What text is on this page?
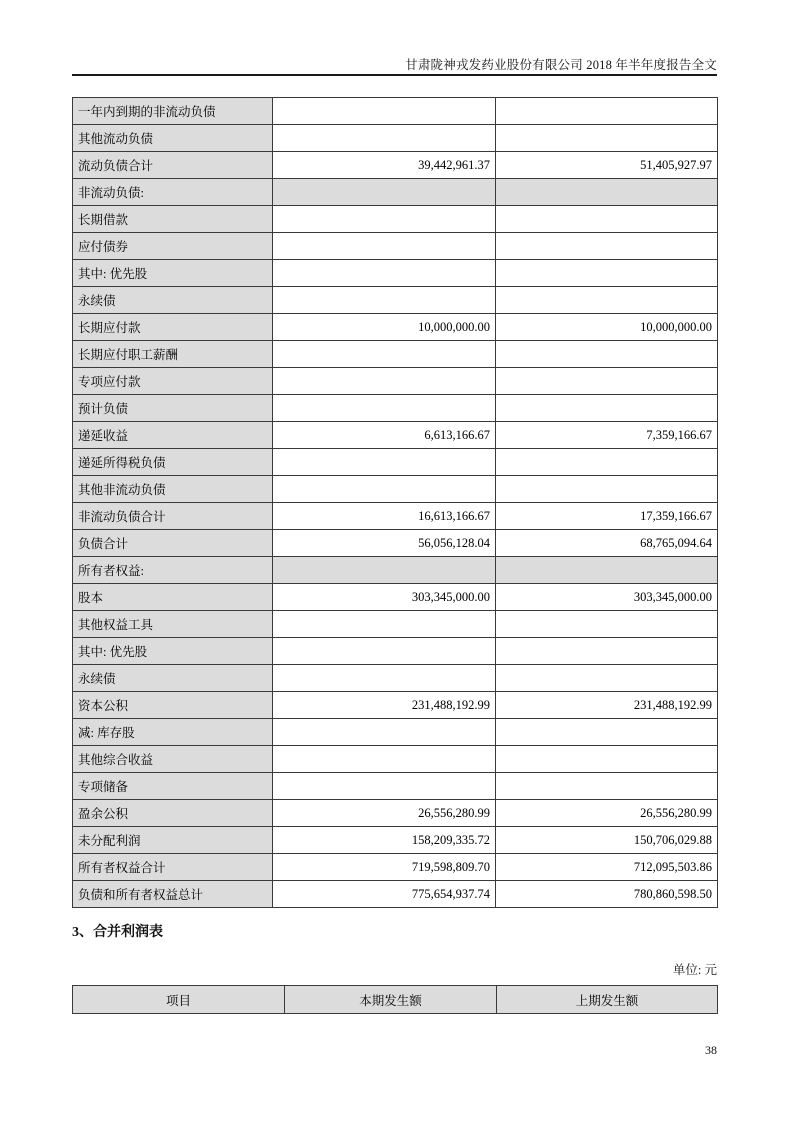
甘肃陇神戎发药业股份有限公司 2018 年半年度报告全文
一年内到期的非流动负债		
其他流动负债		
流动负债合计	39,442,961.37	51,405,927.97
非流动负债:		
长期借款		
应付债券		
其中: 优先股		
永续债		
长期应付款	10,000,000.00	10,000,000.00
长期应付职工薪酬		
专项应付款		
预计负债		
递延收益	6,613,166.67	7,359,166.67
递延所得税负债		
其他非流动负债		
非流动负债合计	16,613,166.67	17,359,166.67
负债合计	56,056,128.04	68,765,094.64
所有者权益:		
股本	303,345,000.00	303,345,000.00
其他权益工具		
其中: 优先股		
永续债		
资本公积	231,488,192.99	231,488,192.99
减: 库存股		
其他综合收益		
专项储备		
盈余公积	26,556,280.99	26,556,280.99
未分配利润	158,209,335.72	150,706,029.88
所有者权益合计	719,598,809.70	712,095,503.86
负债和所有者权益总计	775,654,937.74	780,860,598.50
3、合并利润表
单位: 元
项目	本期发生额	上期发生额
38
